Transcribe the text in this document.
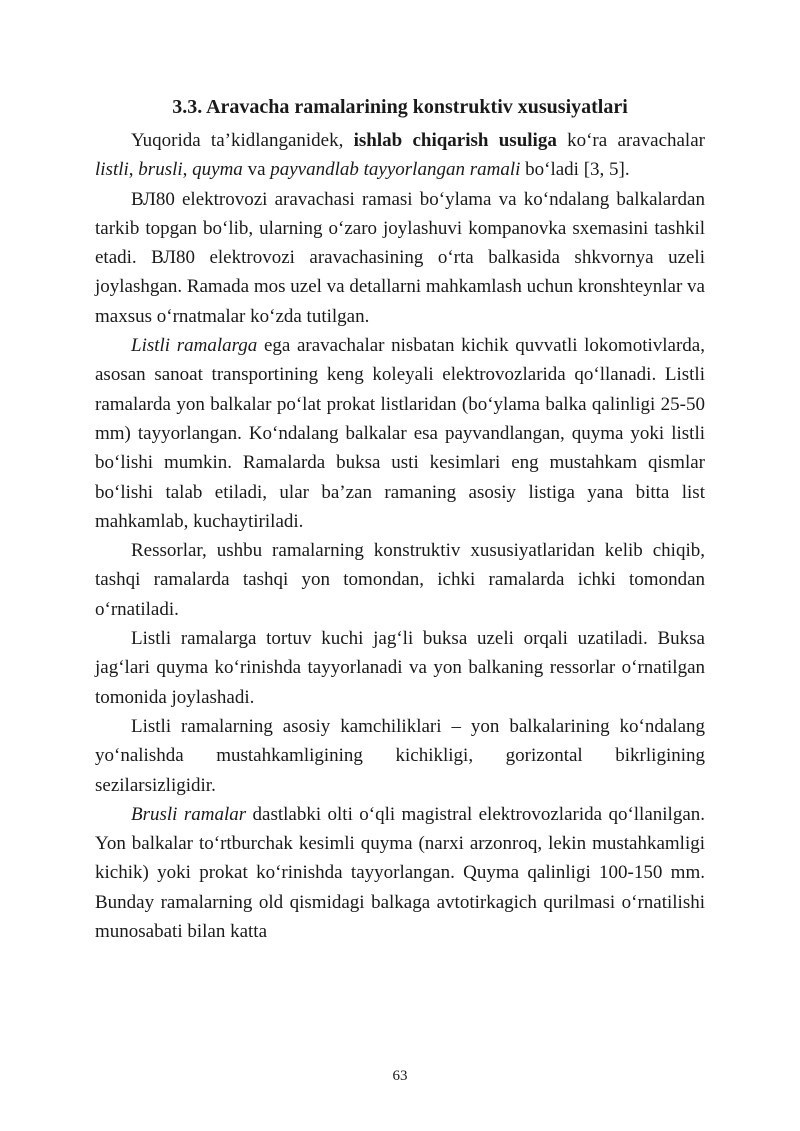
3.3. Aravacha ramalarining konstruktiv xususiyatlari

Yuqorida ta’kidlanganidek, ishlab chiqarish usuliga ko‘ra aravachalar listli, brusli, quyma va payvandlab tayyorlangan ramali bo‘ladi [3, 5].

ВЛ80 elektrovozi aravachasi ramasi bo‘ylama va ko‘ndalang balkalardan tarkib topgan bo‘lib, ularning o‘zaro joylashuvi kompanovka sxemasini tashkil etadi. ВЛ80 elektrovozi aravachasining o‘rta balkasida shkvornya uzeli joylashgan. Ramada mos uzel va detallarni mahkamlash uchun kronshteynlar va maxsus o‘rnatmalar ko‘zda tutilgan.

Listli ramalarga ega aravachalar nisbatan kichik quvvatli lokomotivlarda, asosan sanoat transportining keng koleyali elektrovozlarida qo‘llanadi. Listli ramalarda yon balkalar po‘lat prokat listlaridan (bo‘ylama balka qalinligi 25-50 mm) tayyorlangan. Ko‘ndalang balkalar esa payvandlangan, quyma yoki listli bo‘lishi mumkin. Ramalarda buksa usti kesimlari eng mustahkam qismlar bo‘lishi talab etiladi, ular ba’zan ramaning asosiy listiga yana bitta list mahkamlab, kuchaytiriladi.

Ressorlar, ushbu ramalarning konstruktiv xususiyatlaridan kelib chiqib, tashqi ramalarda tashqi yon tomondan, ichki ramalarda ichki tomondan o‘rnatiladi.

Listli ramalarga tortuv kuchi jag‘li buksa uzeli orqali uzatiladi. Buksa jag‘lari quyma ko‘rinishda tayyorlanadi va yon balkaning ressorlar o‘rnatilgan tomonida joylashadi.

Listli ramalarning asosiy kamchiliklari – yon balkalarining ko‘ndalang yo‘nalishda mustahkamligining kichikligi, gorizontal bikrligining sezilarsizligidir.

Brusli ramalar dastlabki olti o‘qli magistral elektrovozlarida qo‘llanilgan. Yon balkalar to‘rtburchak kesimli quyma (narxi arzonroq, lekin mustahkamligi kichik) yoki prokat ko‘rinishda tayyorlangan. Quyma qalinligi 100-150 mm. Bunday ramalarning old qismidagi balkaga avtotirkagich qurilmasi o‘rnatilishi munosabati bilan katta

63
